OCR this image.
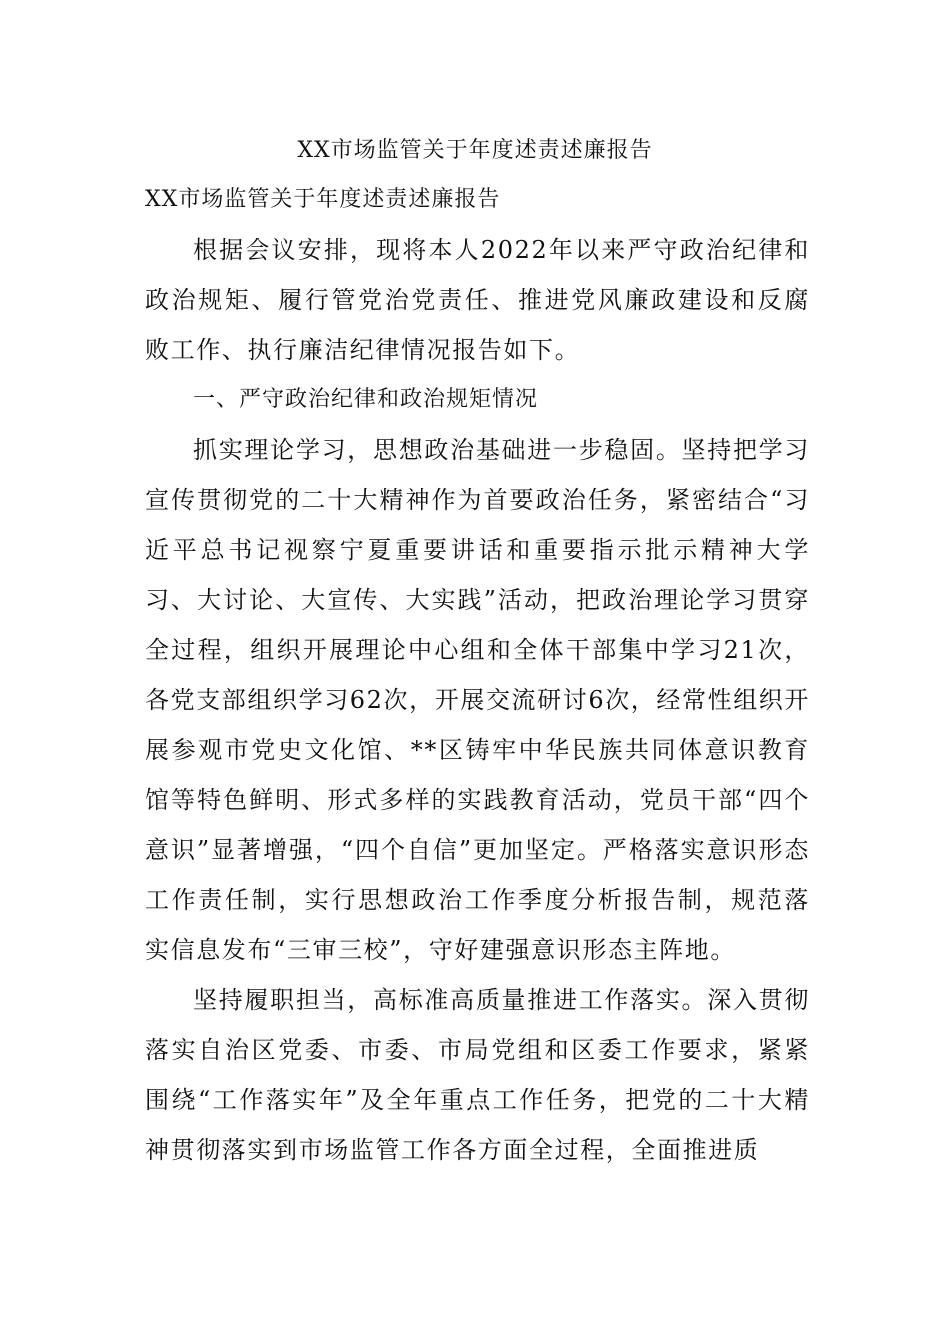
XX市场监管关于年度述责述廉报告
XX市场监管关于年度述责述廉报告

根据会议安排，现将本人2022年以来严守政治纪律和政治规矩、履行管党治党责任、推进党风廉政建设和反腐败工作、执行廉洁纪律情况报告如下。

一、严守政治纪律和政治规矩情况

抓实理论学习，思想政治基础进一步稳固。坚持把学习宣传贯彻党的二十大精神作为首要政治任务，紧密结合“习近平总书记视察宁夏重要讲话和重要指示批示精神大学习、大讨论、大宣传、大实践”活动，把政治理论学习贯穿全过程，组织开展理论中心组和全体干部集中学习21次，各党支部组织学习62次，开展交流研讨6次，经常性组织开展参观市党史文化馆、**区铸牢中华民族共同体意识教育馆等特色鲜明、形式多样的实践教育活动，党员干部“四个意识”显著增强，“四个自信”更加坚定。严格落实意识形态工作责任制，实行思想政治工作季度分析报告制，规范落实信息发布“三审三校”，守好建强意识形态主阵地。

坚持履职担当，高标准高质量推进工作落实。深入贯彻落实自治区党委、市委、市局党组和区委工作要求，紧紧围绕“工作落实年”及全年重点工作任务，把党的二十大精神贯彻落实到市场监管工作各方面全过程，全面推进质
